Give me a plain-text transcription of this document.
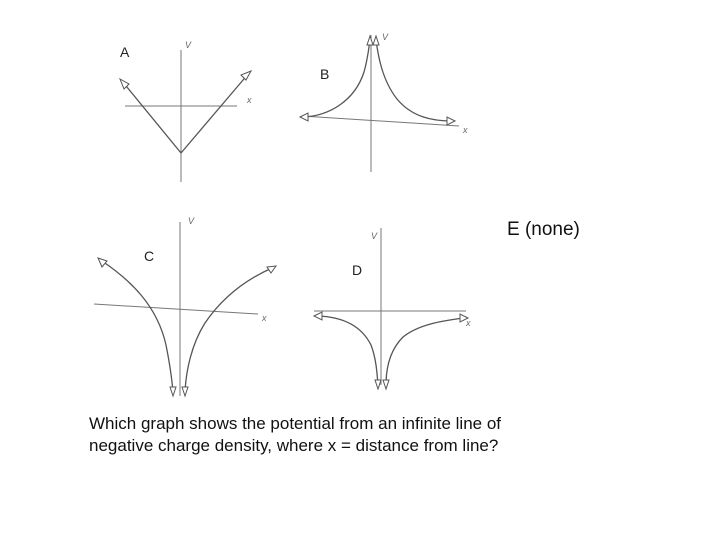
A	V
x
B
V
x
C
V
x
D
V
x
E (none)
Which graph shows the potential from an infinite line of
negative charge density, where x = distance from line?
